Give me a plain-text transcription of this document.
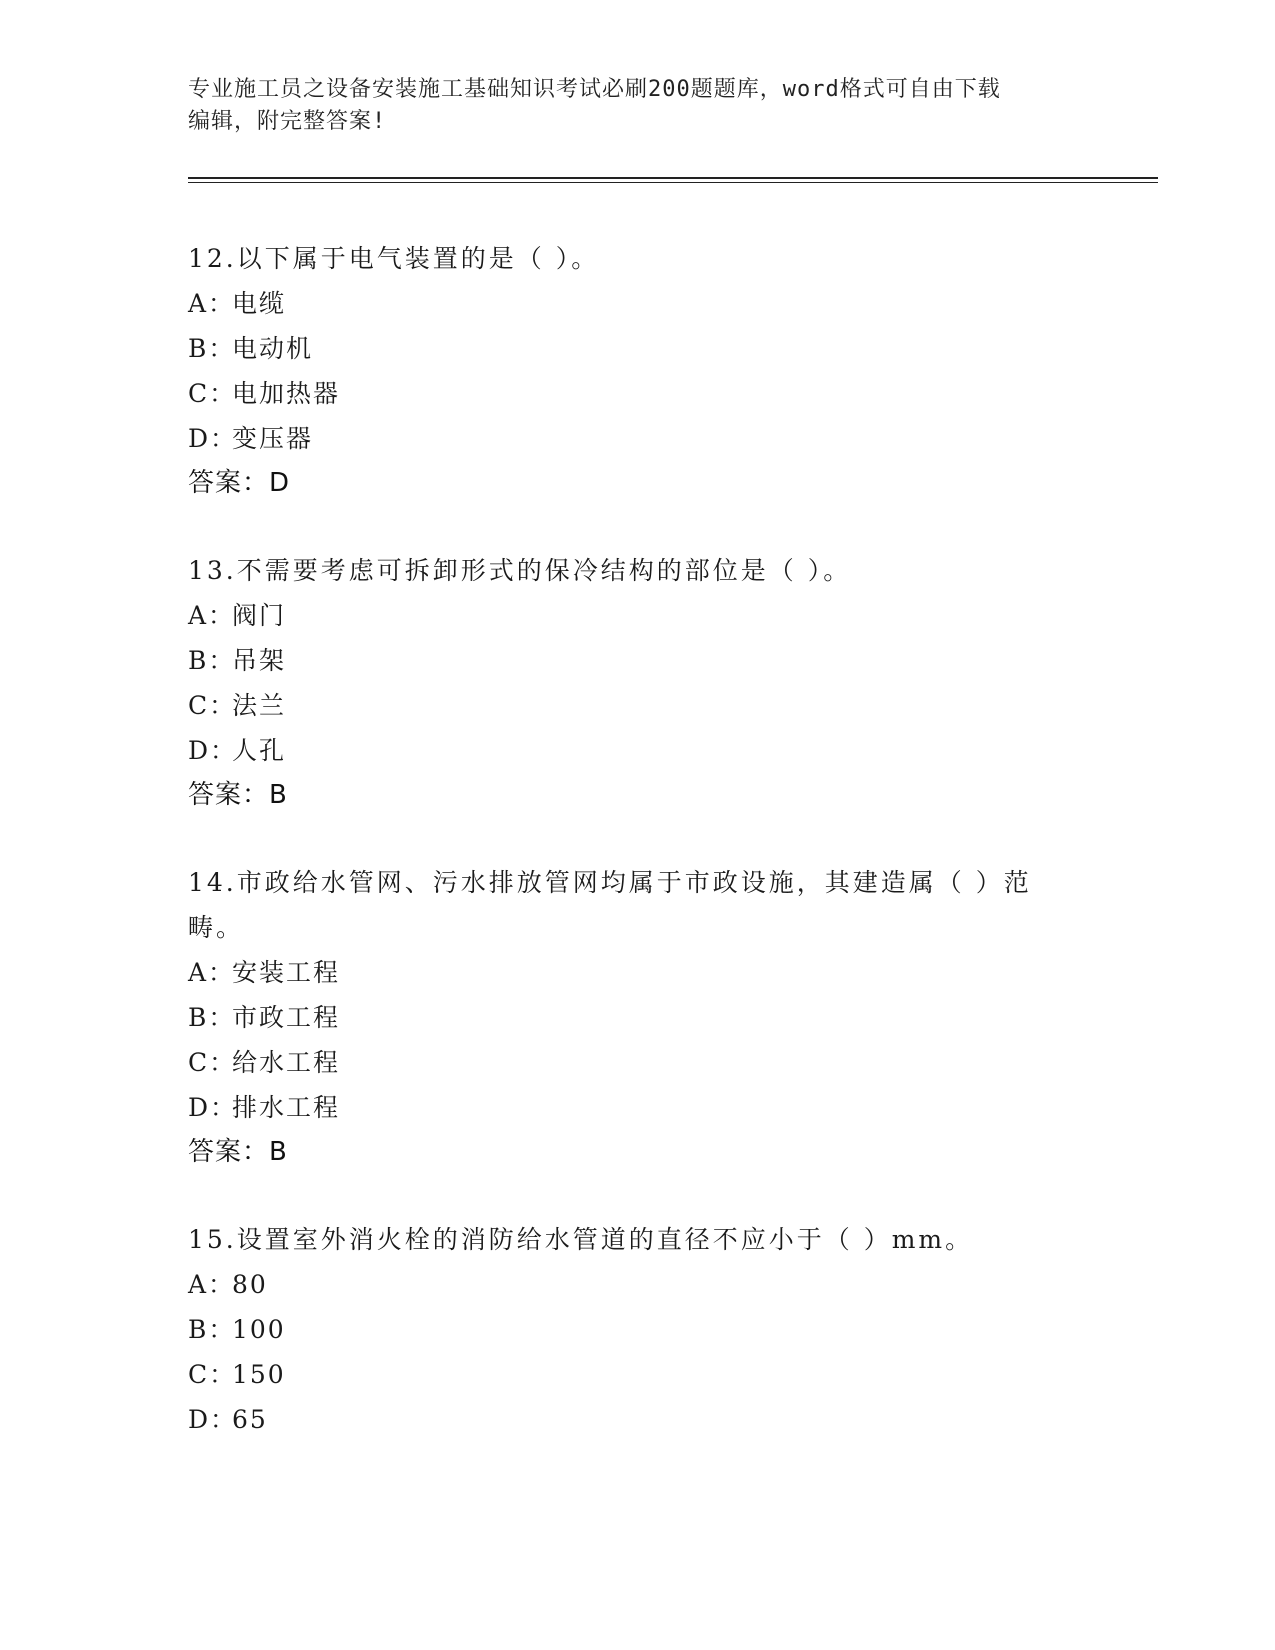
专业施工员之设备安装施工基础知识考试必刷200题题库，word格式可自由下载
编辑，附完整答案!
12.以下属于电气装置的是（ ）。
A：电缆
B：电动机
C：电加热器
D：变压器
答案：D
13.不需要考虑可拆卸形式的保冷结构的部位是（ ）。
A：阀门
B：吊架
C：法兰
D：人孔
答案：B
14.市政给水管网、污水排放管网均属于市政设施，其建造属（ ）范畴。
A：安装工程
B：市政工程
C：给水工程
D：排水工程
答案：B
15.设置室外消火栓的消防给水管道的直径不应小于（ ）mm。
A：80
B：100
C：150
D：65
